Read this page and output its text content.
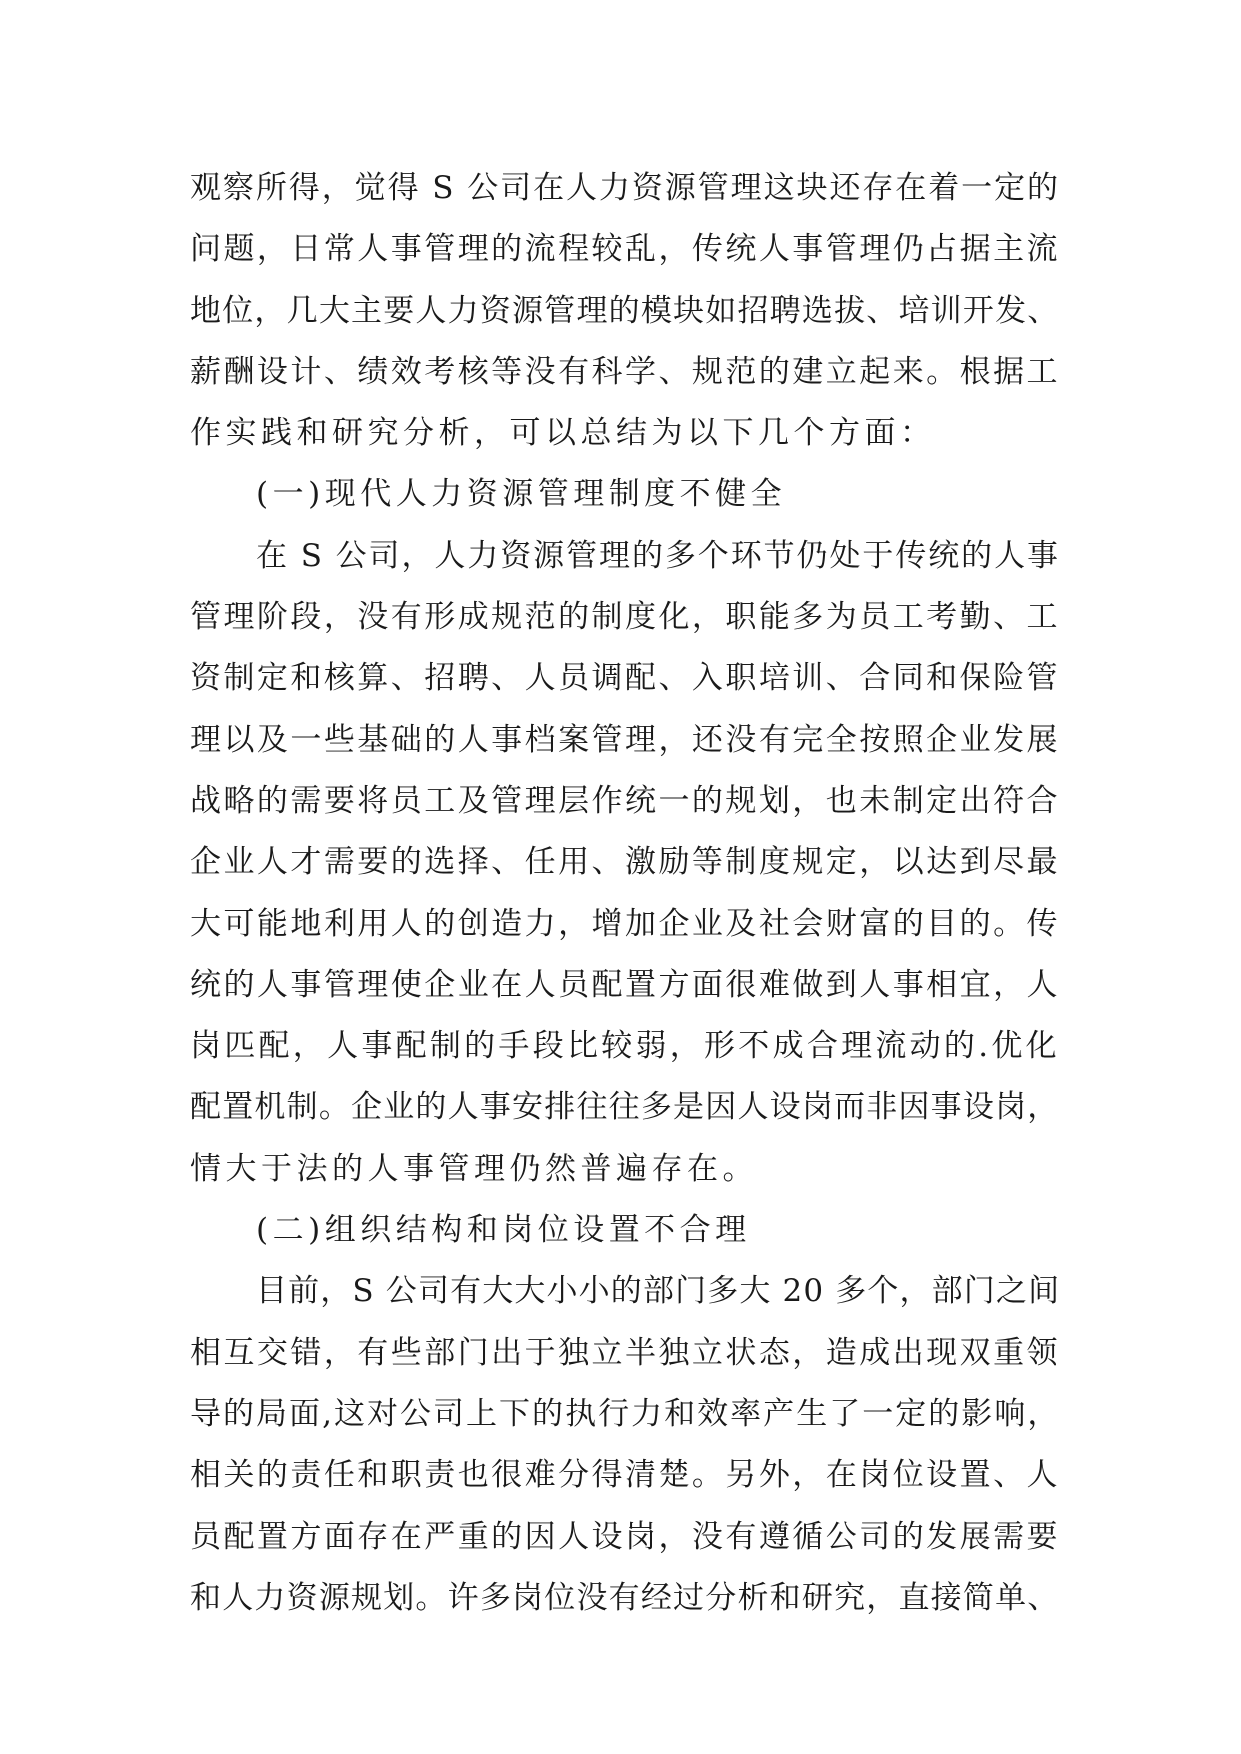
观察所得，觉得 S 公司在人力资源管理这块还存在着一定的
问题，日常人事管理的流程较乱，传统人事管理仍占据主流
地位，几大主要人力资源管理的模块如招聘选拔、培训开发、
薪酬设计、绩效考核等没有科学、规范的建立起来。根据工
作实践和研究分析，可以总结为以下几个方面：
(一)现代人力资源管理制度不健全
在 S 公司，人力资源管理的多个环节仍处于传统的人事
管理阶段，没有形成规范的制度化，职能多为员工考勤、工
资制定和核算、招聘、人员调配、入职培训、合同和保险管
理以及一些基础的人事档案管理，还没有完全按照企业发展
战略的需要将员工及管理层作统一的规划，也未制定出符合
企业人才需要的选择、任用、激励等制度规定，以达到尽最
大可能地利用人的创造力，增加企业及社会财富的目的。传
统的人事管理使企业在人员配置方面很难做到人事相宜，人
岗匹配，人事配制的手段比较弱，形不成合理流动的.优化
配置机制。企业的人事安排往往多是因人设岗而非因事设岗，
情大于法的人事管理仍然普遍存在。
(二)组织结构和岗位设置不合理
目前，S 公司有大大小小的部门多大 20 多个，部门之间
相互交错，有些部门出于独立半独立状态，造成出现双重领
导的局面,这对公司上下的执行力和效率产生了一定的影响，
相关的责任和职责也很难分得清楚。另外，在岗位设置、人
员配置方面存在严重的因人设岗，没有遵循公司的发展需要
和人力资源规划。许多岗位没有经过分析和研究，直接简单、
